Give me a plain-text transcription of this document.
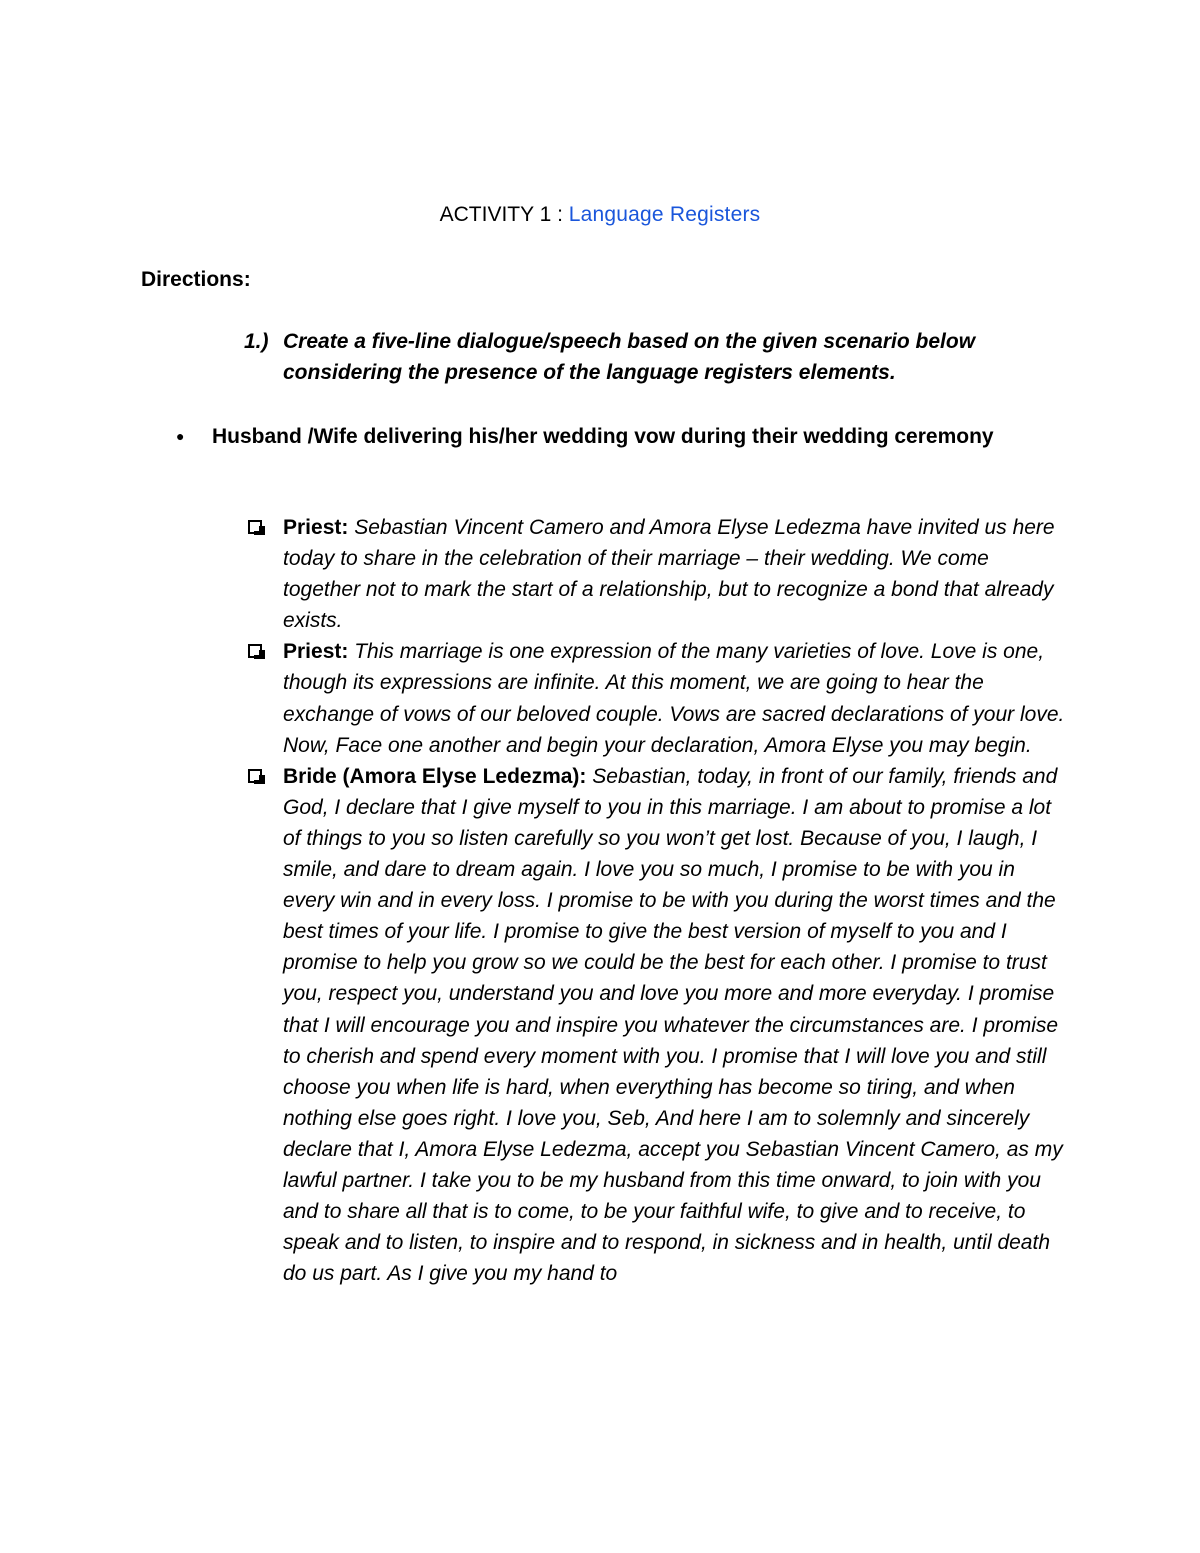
ACTIVITY 1 : Language Registers
Directions:
1.) Create a five-line dialogue/speech based on the given scenario below considering the presence of the language registers elements.
● Husband /Wife delivering his/her wedding vow during their wedding ceremony
Priest: Sebastian Vincent Camero and Amora Elyse Ledezma have invited us here today to share in the celebration of their marriage – their wedding. We come together not to mark the start of a relationship, but to recognize a bond that already exists.
Priest: This marriage is one expression of the many varieties of love. Love is one, though its expressions are infinite. At this moment, we are going to hear the exchange of vows of our beloved couple. Vows are sacred declarations of your love. Now, Face one another and begin your declaration, Amora Elyse you may begin.
Bride (Amora Elyse Ledezma): Sebastian, today, in front of our family, friends and God, I declare that I give myself to you in this marriage. I am about to promise a lot of things to you so listen carefully so you won’t get lost. Because of you, I laugh, I smile, and dare to dream again. I love you so much, I promise to be with you in every win and in every loss. I promise to be with you during the worst times and the best times of your life. I promise to give the best version of myself to you and I promise to help you grow so we could be the best for each other. I promise to trust you, respect you, understand you and love you more and more everyday. I promise that I will encourage you and inspire you whatever the circumstances are. I promise to cherish and spend every moment with you. I promise that I will love you and still choose you when life is hard, when everything has become so tiring, and when nothing else goes right. I love you, Seb, And here I am to solemnly and sincerely declare that I, Amora Elyse Ledezma, accept you Sebastian Vincent Camero, as my lawful partner. I take you to be my husband from this time onward, to join with you and to share all that is to come, to be your faithful wife, to give and to receive, to speak and to listen, to inspire and to respond, in sickness and in health, until death do us part. As I give you my hand to
